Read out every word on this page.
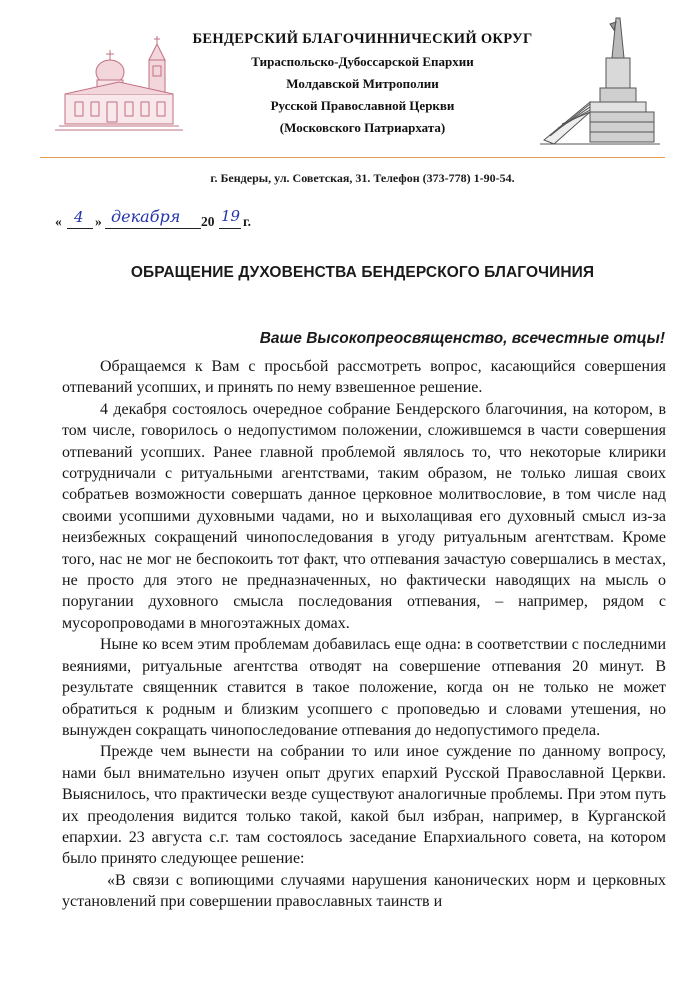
БЕНДЕРСКИЙ БЛАГОЧИННИЧЕСКИЙ ОКРУГ
Тираспольско-Дубоссарской Епархии
Молдавской Митрополии
Русской Православной Церкви
(Московского Патриархата)
г. Бендеры, ул. Советская, 31. Телефон (373-778) 1-90-54.
« 4 » декабря 20 19 г.
ОБРАЩЕНИЕ ДУХОВЕНСТВА БЕНДЕРСКОГО БЛАГОЧИНИЯ
Ваше Высокопреосвященство, всечестные отцы!

Обращаемся к Вам с просьбой рассмотреть вопрос, касающийся совершения отпеваний усопших, и принять по нему взвешенное решение.

4 декабря состоялось очередное собрание Бендерского благочиния, на котором, в том числе, говорилось о недопустимом положении, сложившемся в части совершения отпеваний усопших. Ранее главной проблемой являлось то, что некоторые клирики сотрудничали с ритуальными агентствами, таким образом, не только лишая своих собратьев возможности совершать данное церковное молитвословие, в том числе над своими усопшими духовными чадами, но и выхолащивая его духовный смысл из-за неизбежных сокращений чинопоследования в угоду ритуальным агентствам. Кроме того, нас не мог не беспокоить тот факт, что отпевания зачастую совершались в местах, не просто для этого не предназначенных, но фактически наводящих на мысль о поругании духовного смысла последования отпевания, – например, рядом с мусоропроводами в многоэтажных домах.

Ныне ко всем этим проблемам добавилась еще одна: в соответствии с последними веяниями, ритуальные агентства отводят на совершение отпевания 20 минут. В результате священник ставится в такое положение, когда он не только не может обратиться к родным и близким усопшего с проповедью и словами утешения, но вынужден сокращать чинопоследование отпевания до недопустимого предела.

Прежде чем вынести на собрании то или иное суждение по данному вопросу, нами был внимательно изучен опыт других епархий Русской Православной Церкви. Выяснилось, что практически везде существуют аналогичные проблемы. При этом путь их преодоления видится только такой, какой был избран, например, в Курганской епархии. 23 августа с.г. там состоялось заседание Епархиального совета, на котором было принято следующее решение:

«В связи с вопиющими случаями нарушения канонических норм и церковных установлений при совершении православных таинств и
